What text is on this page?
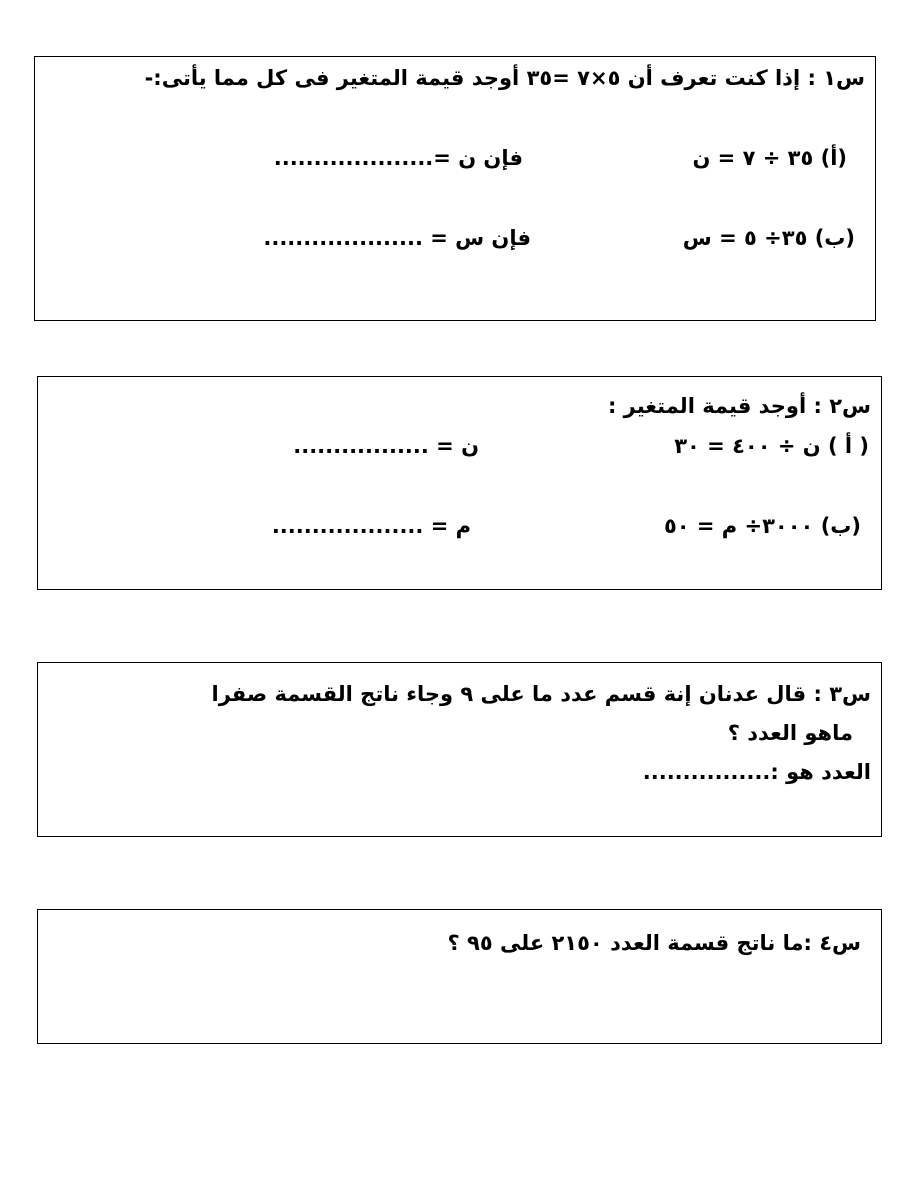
س١ : إذا كنت تعرف أن ٥×٧ =٣٥ أوجد قيمة المتغير فى كل مما يأتى:-
(أ) ٣٥ ÷ ٧ = ن
فإن ن =....................
(ب) ٣٥÷ ٥ = س
فإن س = ....................
س٢ : أوجد قيمة المتغير :
( أ ) ن ÷ ٤٠٠ = ٣٠
ن = .................
(ب) ٣٠٠٠÷ م = ٥٠
م = ...................
س٣ : قال عدنان إنة قسم عدد ما على ٩ وجاء ناتج القسمة صفرا
ماهو العدد ؟
العدد هو :................
س٤ :ما ناتج قسمة العدد ٢١٥٠ على ٩٥ ؟
